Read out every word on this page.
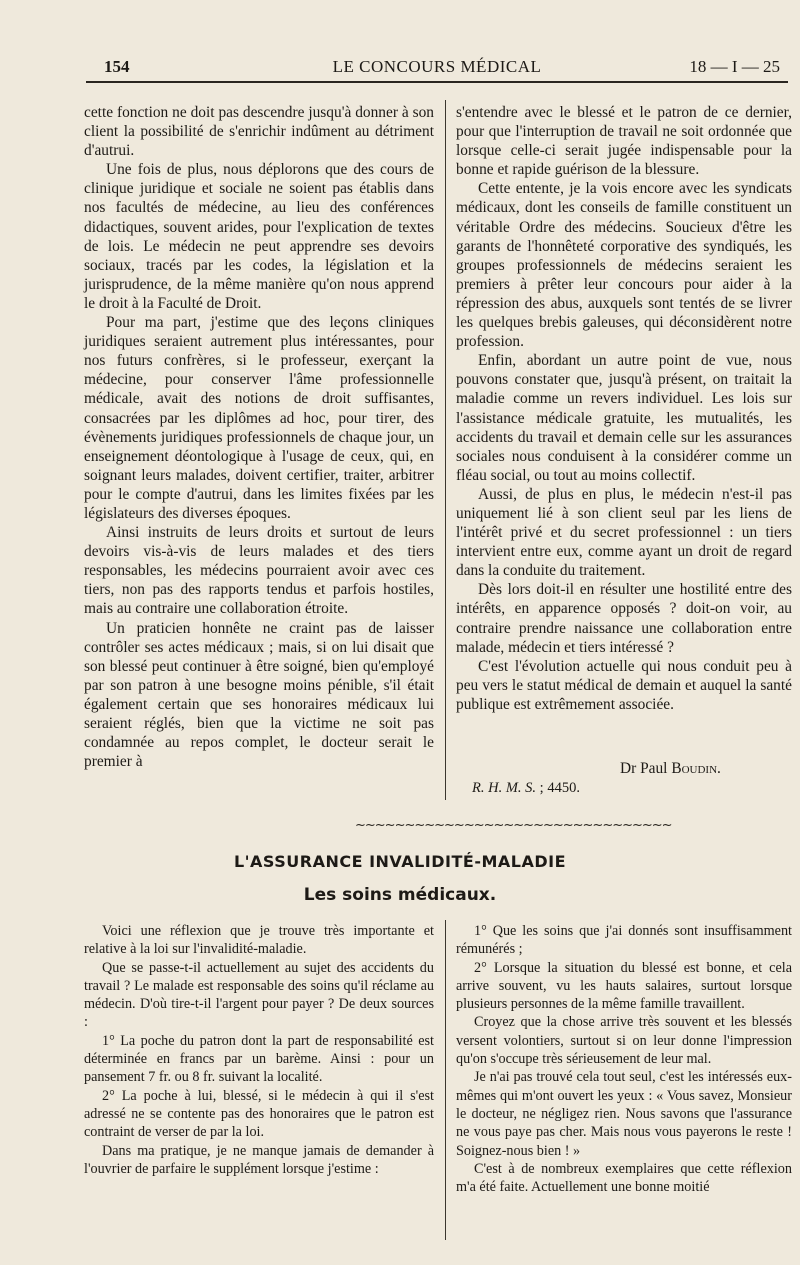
154	LE CONCOURS MÉDICAL	18 — I — 25

cette fonction ne doit pas descendre jusqu'à donner à son client la possibilité de s'enrichir indûment au détriment d'autrui.

Une fois de plus, nous déplorons que des cours de clinique juridique et sociale ne soient pas établis dans nos facultés de médecine, au lieu des conférences didactiques, souvent arides, pour l'explication de textes de lois. Le médecin ne peut apprendre ses devoirs sociaux, tracés par les codes, la législation et la jurisprudence, de la même manière qu'on nous apprend le droit à la Faculté de Droit.

Pour ma part, j'estime que des leçons cliniques juridiques seraient autrement plus intéressantes, pour nos futurs confrères, si le professeur, exerçant la médecine, pour conserver l'âme professionnelle médicale, avait des notions de droit suffisantes, consacrées par les diplômes ad hoc, pour tirer, des évènements juridiques professionnels de chaque jour, un enseignement déontologique à l'usage de ceux, qui, en soignant leurs malades, doivent certifier, traiter, arbitrer pour le compte d'autrui, dans les limites fixées par les législateurs des diverses époques.

Ainsi instruits de leurs droits et surtout de leurs devoirs vis-à-vis de leurs malades et des tiers responsables, les médecins pourraient avoir avec ces tiers, non pas des rapports tendus et parfois hostiles, mais au contraire une collaboration étroite.

Un praticien honnête ne craint pas de laisser contrôler ses actes médicaux ; mais, si on lui disait que son blessé peut continuer à être soigné, bien qu'employé par son patron à une besogne moins pénible, s'il était également certain que ses honoraires médicaux lui seraient réglés, bien que la victime ne soit pas condamnée au repos complet, le docteur serait le premier à

s'entendre avec le blessé et le patron de ce dernier, pour que l'interruption de travail ne soit ordonnée que lorsque celle-ci serait jugée indispensable pour la bonne et rapide guérison de la blessure.

Cette entente, je la vois encore avec les syndicats médicaux, dont les conseils de famille constituent un véritable Ordre des médecins. Soucieux d'être les garants de l'honnêteté corporative des syndiqués, les groupes professionnels de médecins seraient les premiers à prêter leur concours pour aider à la répression des abus, auxquels sont tentés de se livrer les quelques brebis galeuses, qui déconsidèrent notre profession.

Enfin, abordant un autre point de vue, nous pouvons constater que, jusqu'à présent, on traitait la maladie comme un revers individuel. Les lois sur l'assistance médicale gratuite, les mutualités, les accidents du travail et demain celle sur les assurances sociales nous conduisent à la considérer comme un fléau social, ou tout au moins collectif.

Aussi, de plus en plus, le médecin n'est-il pas uniquement lié à son client seul par les liens de l'intérêt privé et du secret professionnel : un tiers intervient entre eux, comme ayant un droit de regard dans la conduite du traitement.

Dès lors doit-il en résulter une hostilité entre des intérêts, en apparence opposés ? doit-on voir, au contraire prendre naissance une collaboration entre malade, médecin et tiers intéressé ?

C'est l'évolution actuelle qui nous conduit peu à peu vers le statut médical de demain et auquel la santé publique est extrêmement associée.

Dr Paul Boudin.
R. H. M. S. ; 4450.
~~~~~~~~~~~~~~~~~~~~~~~~~~~~~~~~
L'ASSURANCE INVALIDITÉ-MALADIE
Les soins médicaux.

Voici une réflexion que je trouve très importante et relative à la loi sur l'invalidité-maladie.

Que se passe-t-il actuellement au sujet des accidents du travail ? Le malade est responsable des soins qu'il réclame au médecin. D'où tire-t-il l'argent pour payer ? De deux sources :

1° La poche du patron dont la part de responsabilité est déterminée en francs par un barème. Ainsi : pour un pansement 7 fr. ou 8 fr. suivant la localité.

2° La poche à lui, blessé, si le médecin à qui il s'est adressé ne se contente pas des honoraires que le patron est contraint de verser de par la loi.

Dans ma pratique, je ne manque jamais de demander à l'ouvrier de parfaire le supplément lorsque j'estime :

1° Que les soins que j'ai donnés sont insuffisamment rémunérés ;

2° Lorsque la situation du blessé est bonne, et cela arrive souvent, vu les hauts salaires, surtout lorsque plusieurs personnes de la même famille travaillent.

Croyez que la chose arrive très souvent et les blessés versent volontiers, surtout si on leur donne l'impression qu'on s'occupe très sérieusement de leur mal.

Je n'ai pas trouvé cela tout seul, c'est les intéressés eux-mêmes qui m'ont ouvert les yeux : « Vous savez, Monsieur le docteur, ne négligez rien. Nous savons que l'assurance ne vous paye pas cher. Mais nous vous payerons le reste ! Soignez-nous bien ! »

C'est à de nombreux exemplaires que cette réflexion m'a été faite. Actuellement une bonne moitié
